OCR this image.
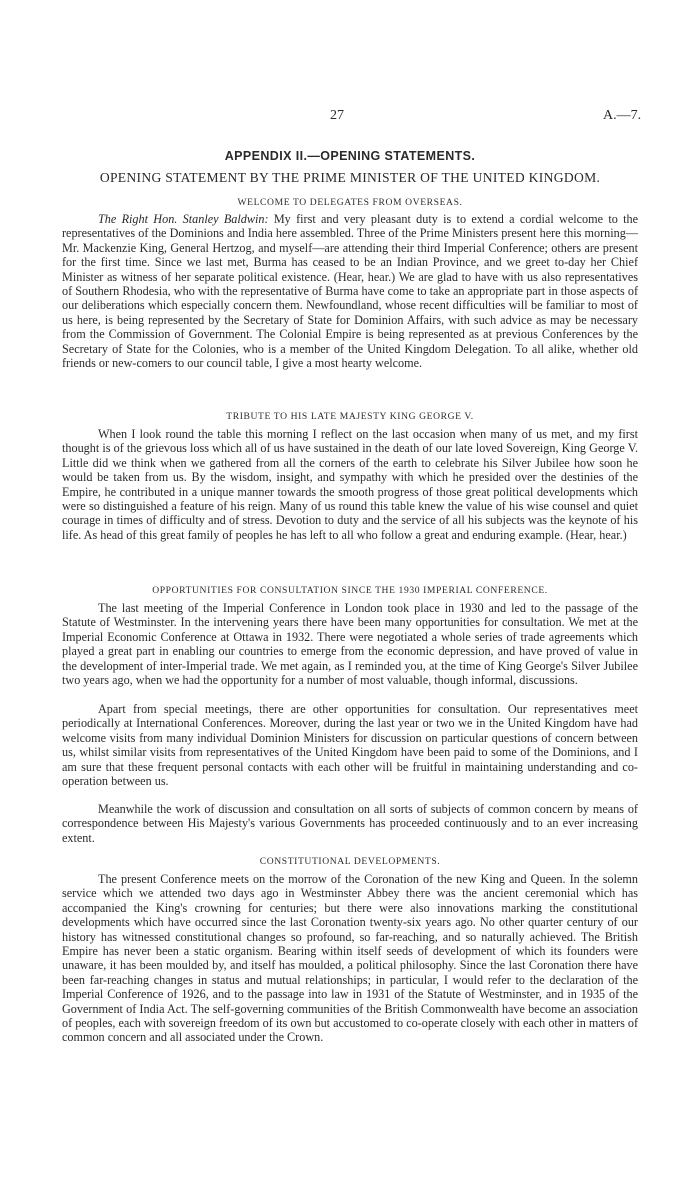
27	A.—7.
APPENDIX II.—OPENING STATEMENTS.
OPENING STATEMENT BY THE PRIME MINISTER OF THE UNITED KINGDOM.
WELCOME TO DELEGATES FROM OVERSEAS.

The Right Hon. Stanley Baldwin: My first and very pleasant duty is to extend a cordial welcome to the representatives of the Dominions and India here assembled. Three of the Prime Ministers present here this morning—Mr. Mackenzie King, General Hertzog, and myself—are attending their third Imperial Conference; others are present for the first time. Since we last met, Burma has ceased to be an Indian Province, and we greet to-day her Chief Minister as witness of her separate political existence. (Hear, hear.) We are glad to have with us also representatives of Southern Rhodesia, who with the representative of Burma have come to take an appropriate part in those aspects of our deliberations which especially concern them. Newfoundland, whose recent difficulties will be familiar to most of us here, is being represented by the Secretary of State for Dominion Affairs, with such advice as may be necessary from the Commission of Government. The Colonial Empire is being represented as at previous Conferences by the Secretary of State for the Colonies, who is a member of the United Kingdom Delegation. To all alike, whether old friends or new-comers to our council table, I give a most hearty welcome.

TRIBUTE TO HIS LATE MAJESTY KING GEORGE V.

When I look round the table this morning I reflect on the last occasion when many of us met, and my first thought is of the grievous loss which all of us have sustained in the death of our late loved Sovereign, King George V. Little did we think when we gathered from all the corners of the earth to celebrate his Silver Jubilee how soon he would be taken from us. By the wisdom, insight, and sympathy with which he presided over the destinies of the Empire, he contributed in a unique manner towards the smooth progress of those great political developments which were so distinguished a feature of his reign. Many of us round this table knew the value of his wise counsel and quiet courage in times of difficulty and of stress. Devotion to duty and the service of all his subjects was the keynote of his life. As head of this great family of peoples he has left to all who follow a great and enduring example. (Hear, hear.)

OPPORTUNITIES FOR CONSULTATION SINCE THE 1930 IMPERIAL CONFERENCE.

The last meeting of the Imperial Conference in London took place in 1930 and led to the passage of the Statute of Westminster. In the intervening years there have been many opportunities for consultation. We met at the Imperial Economic Conference at Ottawa in 1932. There were negotiated a whole series of trade agreements which played a great part in enabling our countries to emerge from the economic depression, and have proved of value in the development of inter-Imperial trade. We met again, as I reminded you, at the time of King George's Silver Jubilee two years ago, when we had the opportunity for a number of most valuable, though informal, discussions.

Apart from special meetings, there are other opportunities for consultation. Our representatives meet periodically at International Conferences. Moreover, during the last year or two we in the United Kingdom have had welcome visits from many individual Dominion Ministers for discussion on particular questions of concern between us, whilst similar visits from representatives of the United Kingdom have been paid to some of the Dominions, and I am sure that these frequent personal contacts with each other will be fruitful in maintaining understanding and co-operation between us.

Meanwhile the work of discussion and consultation on all sorts of subjects of common concern by means of correspondence between His Majesty's various Governments has proceeded continuously and to an ever increasing extent.

CONSTITUTIONAL DEVELOPMENTS.

The present Conference meets on the morrow of the Coronation of the new King and Queen. In the solemn service which we attended two days ago in Westminster Abbey there was the ancient ceremonial which has accompanied the King's crowning for centuries; but there were also innovations marking the constitutional developments which have occurred since the last Coronation twenty-six years ago. No other quarter century of our history has witnessed constitutional changes so profound, so far-reaching, and so naturally achieved. The British Empire has never been a static organism. Bearing within itself seeds of development of which its founders were unaware, it has been moulded by, and itself has moulded, a political philosophy. Since the last Coronation there have been far-reaching changes in status and mutual relationships; in particular, I would refer to the declaration of the Imperial Conference of 1926, and to the passage into law in 1931 of the Statute of Westminster, and in 1935 of the Government of India Act. The self-governing communities of the British Commonwealth have become an association of peoples, each with sovereign freedom of its own but accustomed to co-operate closely with each other in matters of common concern and all associated under the Crown.
